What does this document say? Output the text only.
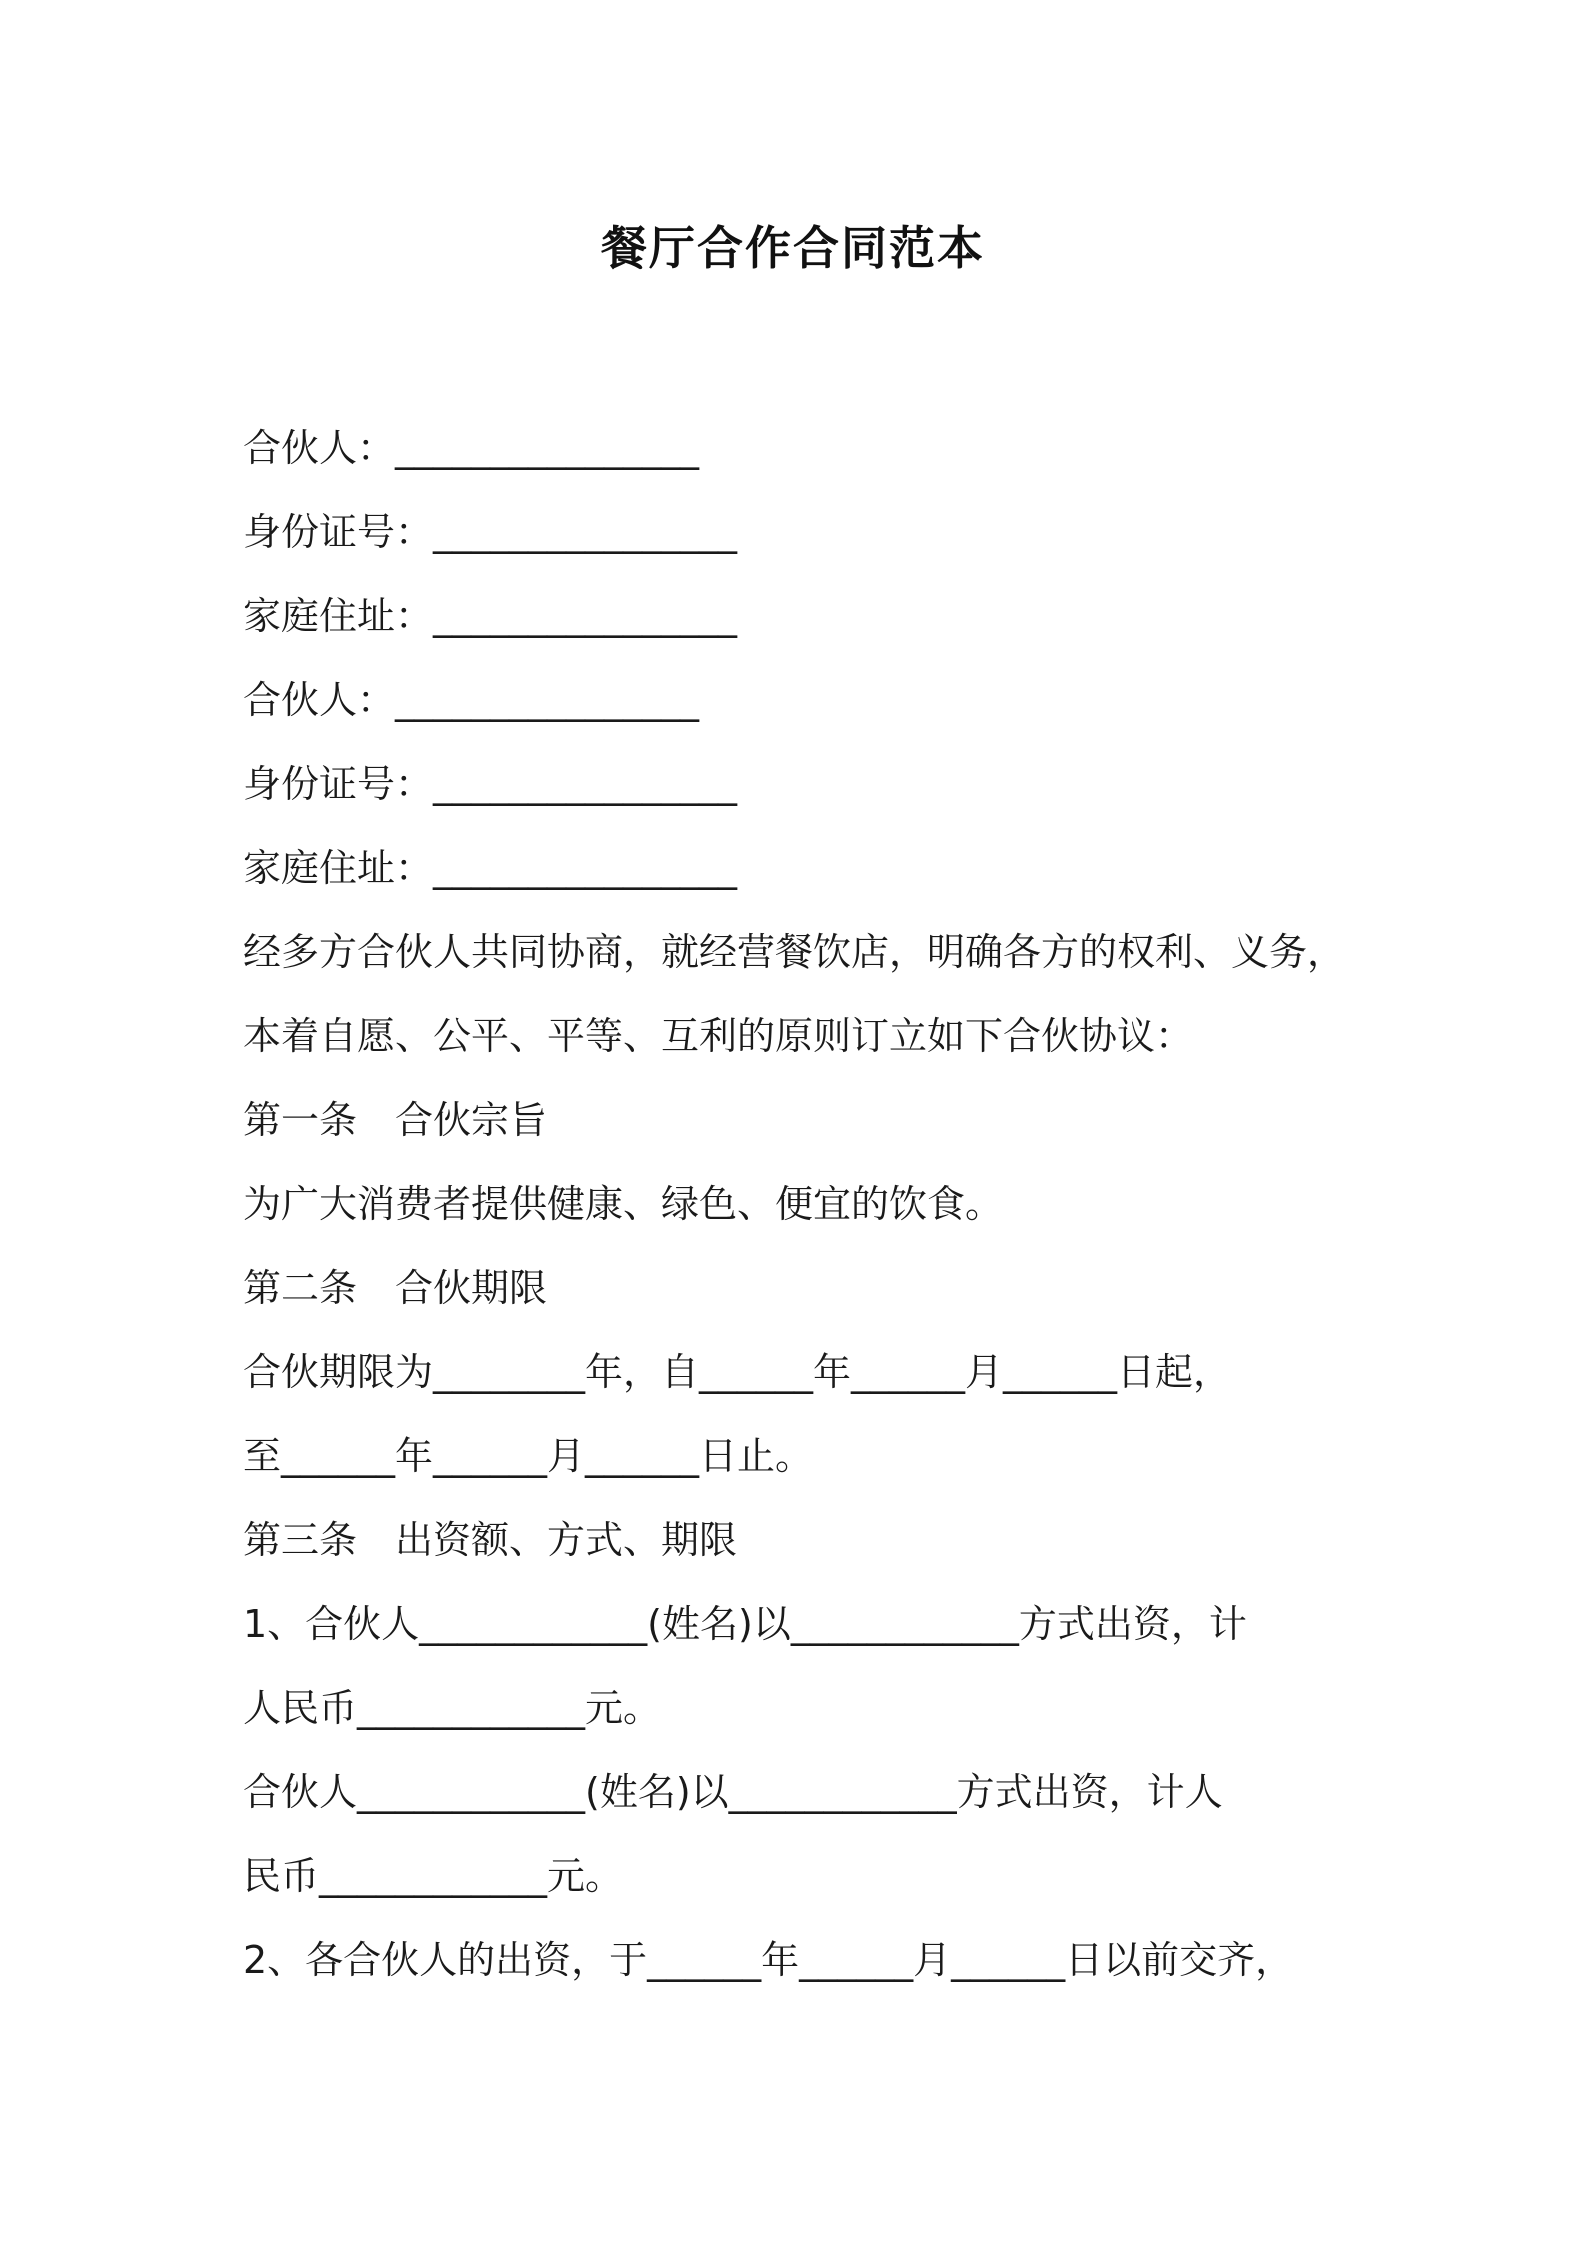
餐厅合作合同范本
合伙人：________________
身份证号：________________
家庭住址：________________
合伙人：________________
身份证号：________________
家庭住址：________________
经多方合伙人共同协商，就经营餐饮店，明确各方的权利、义务，
本着自愿、公平、平等、互利的原则订立如下合伙协议：
第一条　合伙宗旨
为广大消费者提供健康、绿色、便宜的饮食。
第二条　合伙期限
合伙期限为________年，自______年______月______日起，
至______年______月______日止。
第三条　出资额、方式、期限
1、合伙人____________(姓名)以____________方式出资，计
人民币____________元。
合伙人____________(姓名)以____________方式出资，计人
民币____________元。
2、各合伙人的出资，于______年______月______日以前交齐，
